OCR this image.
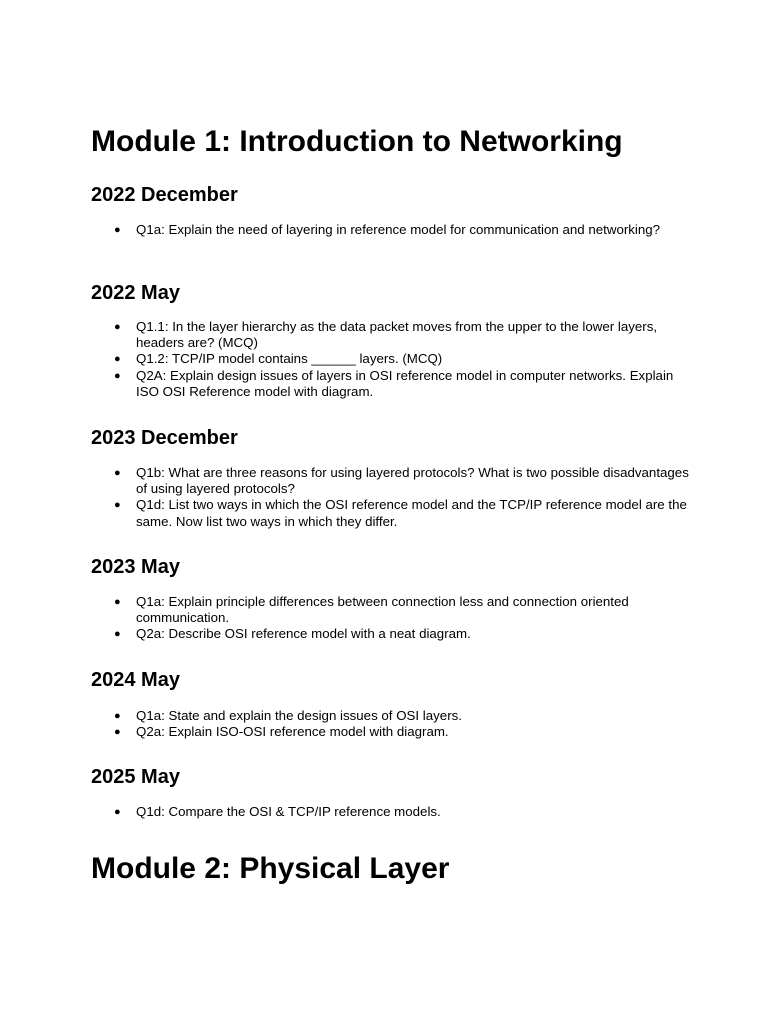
Module 1: Introduction to Networking
2022 December
● Q1a: Explain the need of layering in reference model for communication and networking?
2022 May
● Q1.1: In the layer hierarchy as the data packet moves from the upper to the lower layers, headers are? (MCQ)
● Q1.2: TCP/IP model contains ______ layers. (MCQ)
● Q2A: Explain design issues of layers in OSI reference model in computer networks. Explain ISO OSI Reference model with diagram.
2023 December
● Q1b: What are three reasons for using layered protocols? What is two possible disadvantages of using layered protocols?
● Q1d: List two ways in which the OSI reference model and the TCP/IP reference model are the same. Now list two ways in which they differ.
2023 May
● Q1a: Explain principle differences between connection less and connection oriented communication.
● Q2a: Describe OSI reference model with a neat diagram.
2024 May
● Q1a: State and explain the design issues of OSI layers.
● Q2a: Explain ISO-OSI reference model with diagram.
2025 May
● Q1d: Compare the OSI & TCP/IP reference models.
Module 2: Physical Layer
